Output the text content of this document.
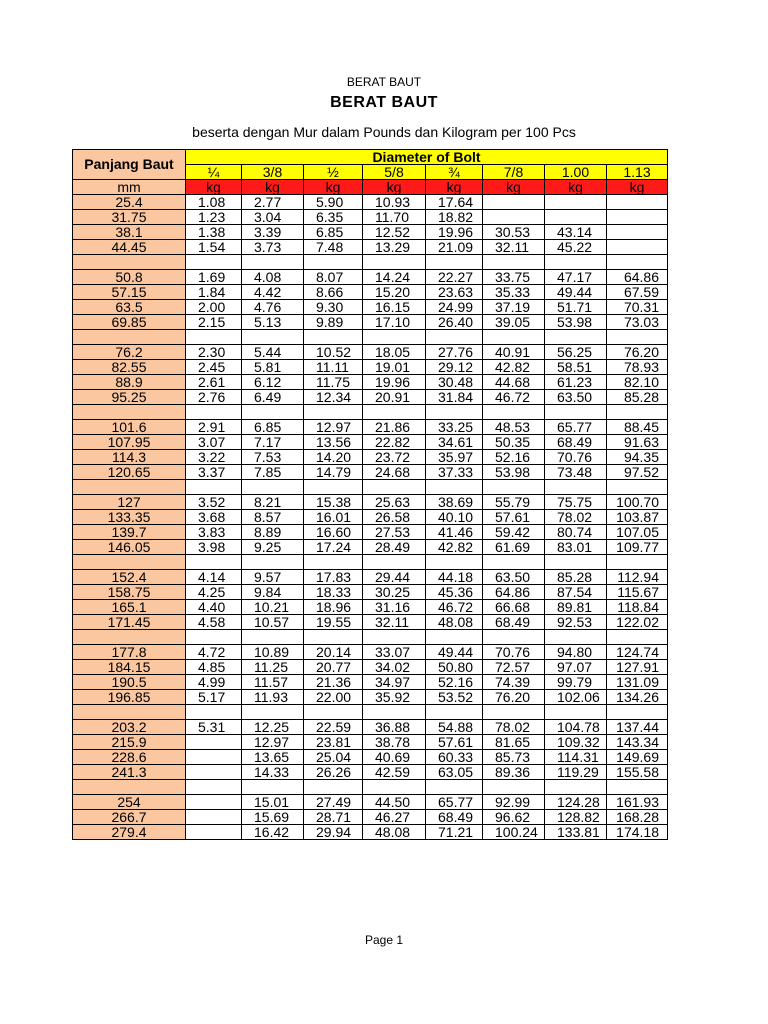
BERAT BAUT
BERAT BAUT
beserta dengan Mur dalam Pounds dan Kilogram per 100 Pcs
Panjang Baut	Diameter of Bolt							
	¼	3/8	½	5/8	¾	7/8	1.00	1.13
mm	kg	kg	kg	kg	kg	kg	kg	kg
25.4	1.08	2.77	5.90	10.93	17.64			
31.75	1.23	3.04	6.35	11.70	18.82			
38.1	1.38	3.39	6.85	12.52	19.96	30.53	43.14	
44.45	1.54	3.73	7.48	13.29	21.09	32.11	45.22	

50.8	1.69	4.08	8.07	14.24	22.27	33.75	47.17	64.86
57.15	1.84	4.42	8.66	15.20	23.63	35.33	49.44	67.59
63.5	2.00	4.76	9.30	16.15	24.99	37.19	51.71	70.31
69.85	2.15	5.13	9.89	17.10	26.40	39.05	53.98	73.03

76.2	2.30	5.44	10.52	18.05	27.76	40.91	56.25	76.20
82.55	2.45	5.81	11.11	19.01	29.12	42.82	58.51	78.93
88.9	2.61	6.12	11.75	19.96	30.48	44.68	61.23	82.10
95.25	2.76	6.49	12.34	20.91	31.84	46.72	63.50	85.28

101.6	2.91	6.85	12.97	21.86	33.25	48.53	65.77	88.45
107.95	3.07	7.17	13.56	22.82	34.61	50.35	68.49	91.63
114.3	3.22	7.53	14.20	23.72	35.97	52.16	70.76	94.35
120.65	3.37	7.85	14.79	24.68	37.33	53.98	73.48	97.52

127	3.52	8.21	15.38	25.63	38.69	55.79	75.75	100.70
133.35	3.68	8.57	16.01	26.58	40.10	57.61	78.02	103.87
139.7	3.83	8.89	16.60	27.53	41.46	59.42	80.74	107.05
146.05	3.98	9.25	17.24	28.49	42.82	61.69	83.01	109.77

152.4	4.14	9.57	17.83	29.44	44.18	63.50	85.28	112.94
158.75	4.25	9.84	18.33	30.25	45.36	64.86	87.54	115.67
165.1	4.40	10.21	18.96	31.16	46.72	66.68	89.81	118.84
171.45	4.58	10.57	19.55	32.11	48.08	68.49	92.53	122.02

177.8	4.72	10.89	20.14	33.07	49.44	70.76	94.80	124.74
184.15	4.85	11.25	20.77	34.02	50.80	72.57	97.07	127.91
190.5	4.99	11.57	21.36	34.97	52.16	74.39	99.79	131.09
196.85	5.17	11.93	22.00	35.92	53.52	76.20	102.06	134.26

203.2	5.31	12.25	22.59	36.88	54.88	78.02	104.78	137.44
215.9		12.97	23.81	38.78	57.61	81.65	109.32	143.34
228.6		13.65	25.04	40.69	60.33	85.73	114.31	149.69
241.3		14.33	26.26	42.59	63.05	89.36	119.29	155.58

254		15.01	27.49	44.50	65.77	92.99	124.28	161.93
266.7		15.69	28.71	46.27	68.49	96.62	128.82	168.28
279.4		16.42	29.94	48.08	71.21	100.24	133.81	174.18
Page 1
